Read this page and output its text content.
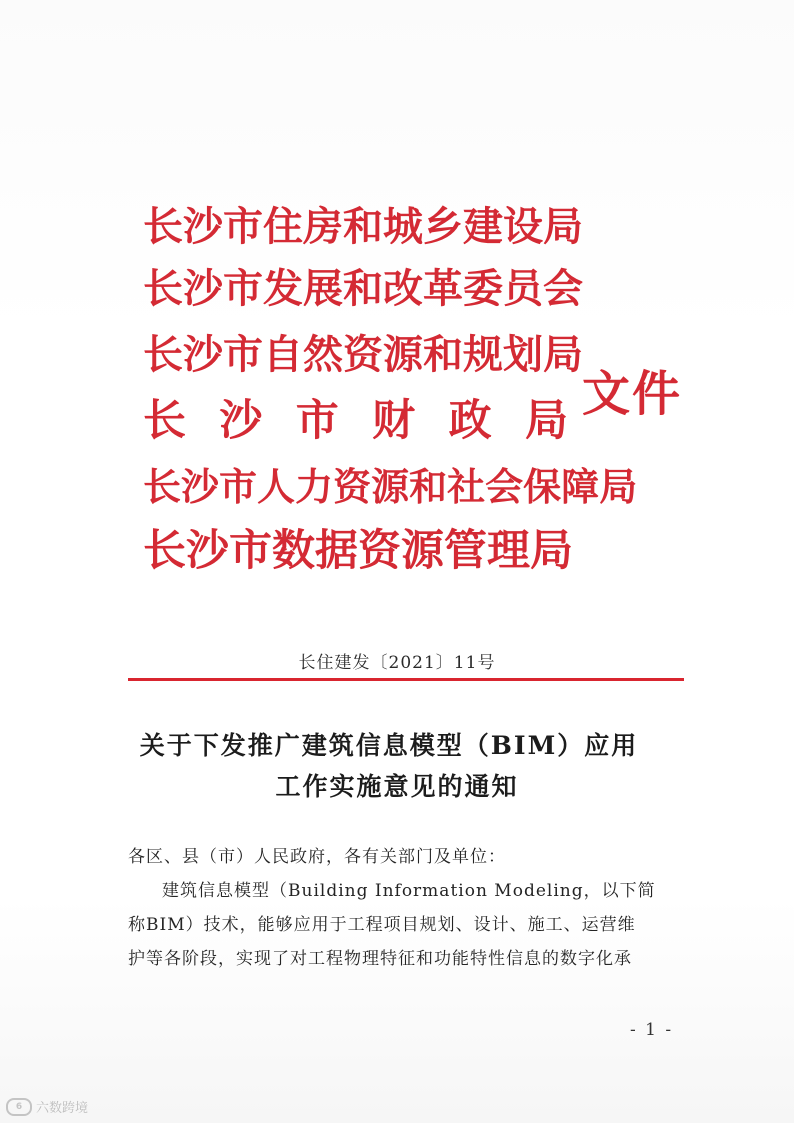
长 沙 市 住 房 和 城 乡 建 设 局
长 沙 市 发 展 和 改 革 委 员 会
长 沙 市 自 然 资 源 和 规 划 局
长 沙 市 财 政 局
长 沙 市 人 力 资 源 和 社 会 保 障 局
长 沙 市 数 据 资 源 管 理 局
文件
长住建发〔2021〕11号
关于下发推广建筑信息模型（BIM）应用
工作实施意见的通知
各区、县（市）人民政府，各有关部门及单位：
建筑信息模型（Building Information Modeling，以下简
称BIM）技术，能够应用于工程项目规划、设计、施工、运营维
护等各阶段，实现了对工程物理特征和功能特性信息的数字化承
- 1 -
6	六数跨境
